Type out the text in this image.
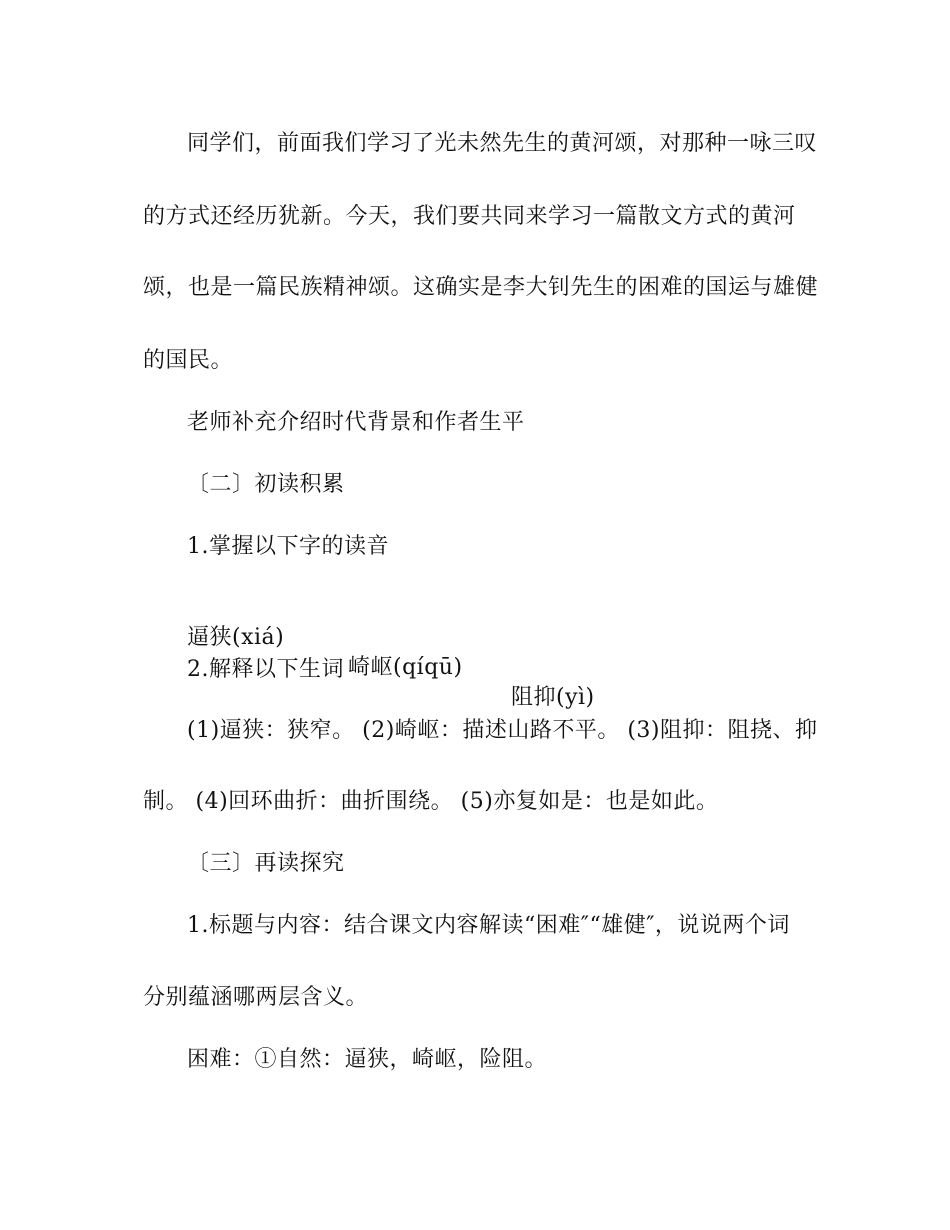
同学们，前面我们学习了光未然先生的黄河颂，对那种一咏三叹
的方式还经历犹新。今天，我们要共同来学习一篇散文方式的黄河
颂，也是一篇民族精神颂。这确实是李大钊先生的困难的国运与雄健
的国民。
老师补充介绍时代背景和作者生平
〔二〕初读积累
1.掌握以下字的读音

逼狭(xiá)

崎岖(qíqū)

阻抑(yì)

2.解释以下生词
(1)逼狭：狭窄。 (2)崎岖：描述山路不平。 (3)阻抑：阻挠、抑
制。 (4)回环曲折：曲折围绕。 (5)亦复如是：也是如此。
〔三〕再读探究
1.标题与内容：结合课文内容解读“困难″“雄健″，说说两个词
分别蕴涵哪两层含义。
困难：①自然：逼狭，崎岖，险阻。
